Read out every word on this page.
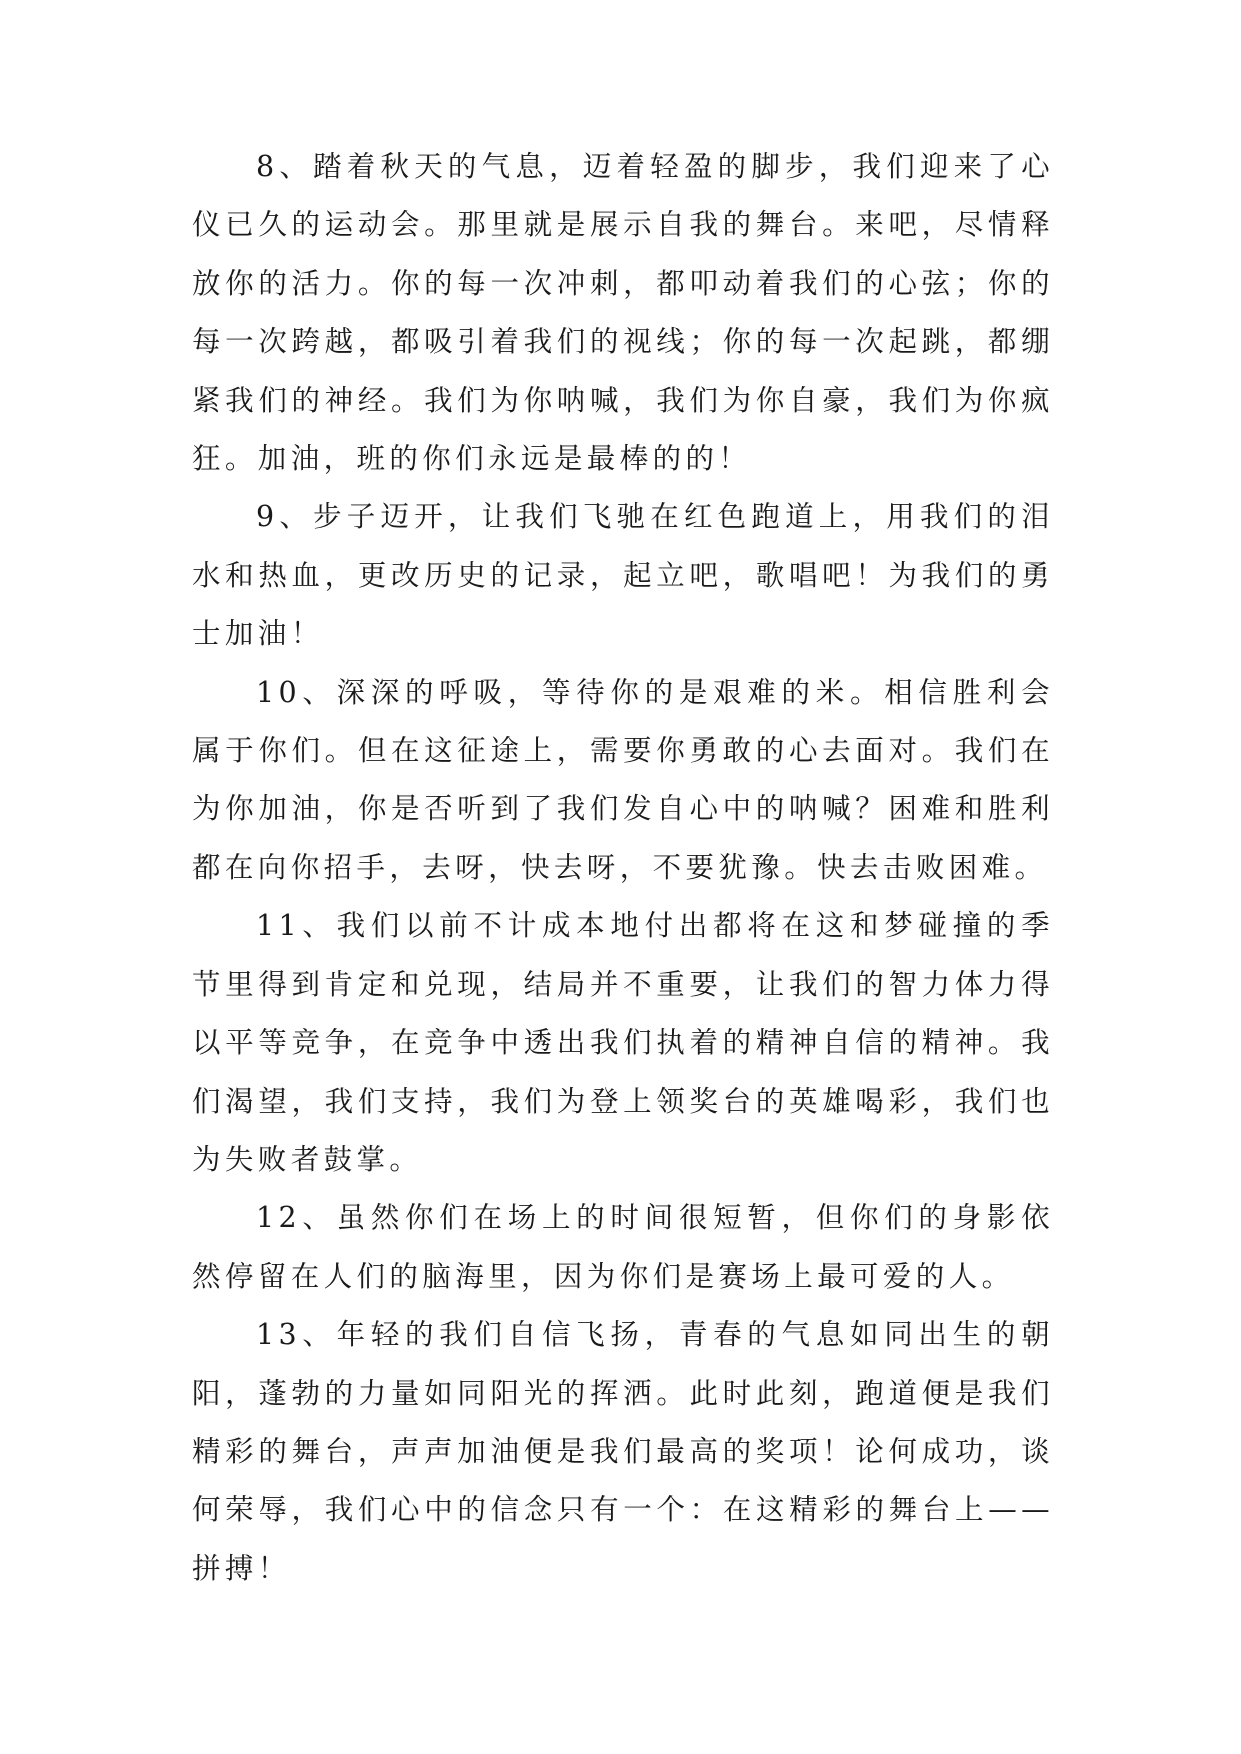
8、踏着秋天的气息，迈着轻盈的脚步，我们迎来了心仪已久的运动会。那里就是展示自我的舞台。来吧，尽情释放你的活力。你的每一次冲刺，都叩动着我们的心弦；你的每一次跨越，都吸引着我们的视线；你的每一次起跳，都绷紧我们的神经。我们为你呐喊，我们为你自豪，我们为你疯狂。加油，班的你们永远是最棒的的！

9、步子迈开，让我们飞驰在红色跑道上，用我们的泪水和热血，更改历史的记录，起立吧，歌唱吧！为我们的勇士加油！

10、深深的呼吸，等待你的是艰难的米。相信胜利会属于你们。但在这征途上，需要你勇敢的心去面对。我们在为你加油，你是否听到了我们发自心中的呐喊？困难和胜利都在向你招手，去呀，快去呀，不要犹豫。快去击败困难。

11、我们以前不计成本地付出都将在这和梦碰撞的季节里得到肯定和兑现，结局并不重要，让我们的智力体力得以平等竞争，在竞争中透出我们执着的精神自信的精神。我们渴望，我们支持，我们为登上领奖台的英雄喝彩，我们也为失败者鼓掌。

12、虽然你们在场上的时间很短暂，但你们的身影依然停留在人们的脑海里，因为你们是赛场上最可爱的人。

13、年轻的我们自信飞扬，青春的气息如同出生的朝阳，蓬勃的力量如同阳光的挥洒。此时此刻，跑道便是我们精彩的舞台，声声加油便是我们最高的奖项！论何成功，谈何荣辱，我们心中的信念只有一个：在这精彩的舞台上——拼搏！
